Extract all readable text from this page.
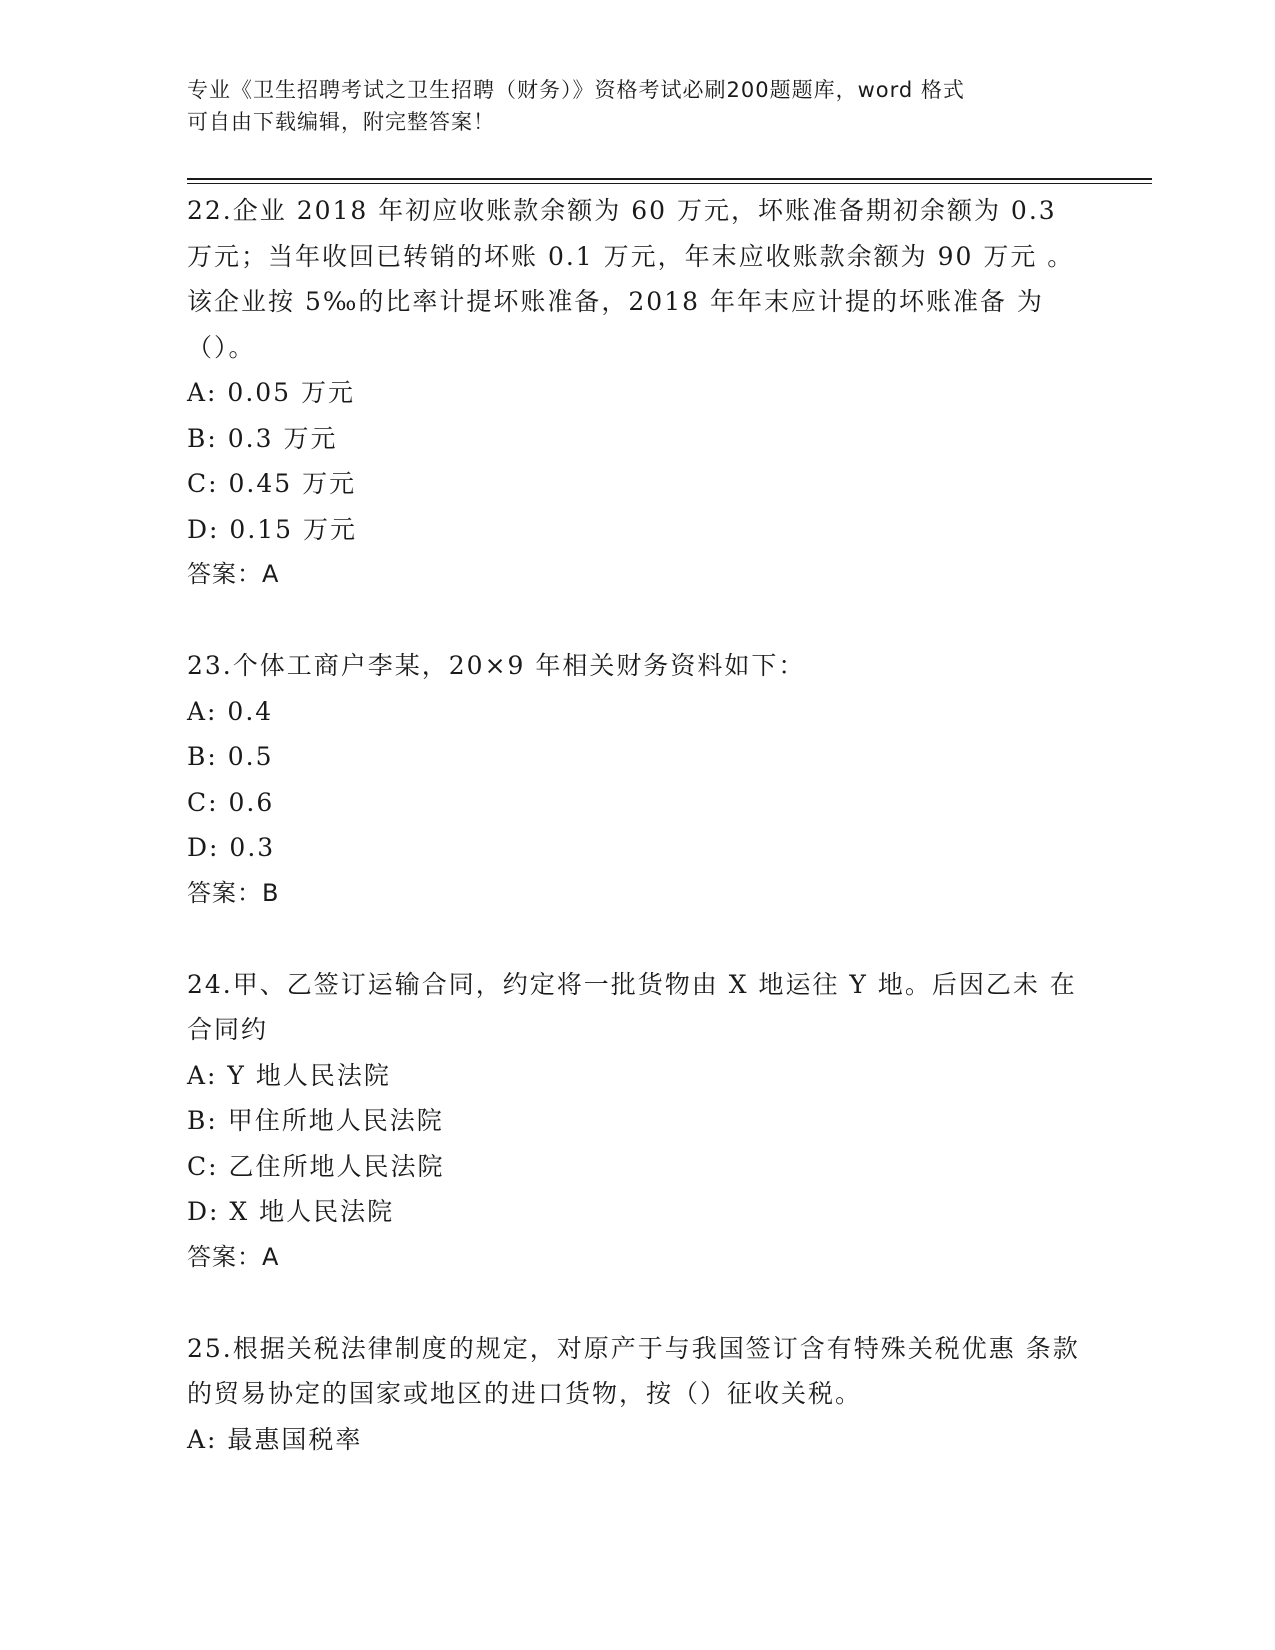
专业《卫生招聘考试之卫生招聘（财务）》资格考试必刷200题题库，word 格式
可自由下载编辑，附完整答案！

22.企业 2018 年初应收账款余额为 60 万元，坏账准备期初余额为 0.3 万元；当年收回已转销的坏账 0.1 万元，年末应收账款余额为 90 万元 。该企业按 5‰的比率计提坏账准备，2018 年年末应计提的坏账准备 为（）。

A: 0.05 万元

B: 0.3 万元

C: 0.45 万元

D: 0.15 万元

答案：A

23.个体工商户李某，20×9 年相关财务资料如下：

A: 0.4

B: 0.5

C: 0.6

D: 0.3

答案：B

24.甲、乙签订运输合同，约定将一批货物由 X 地运往 Y 地。后因乙未 在合同约

A: Y 地人民法院

B: 甲住所地人民法院

C: 乙住所地人民法院

D: X 地人民法院

答案：A

25.根据关税法律制度的规定，对原产于与我国签订含有特殊关税优惠 条款的贸易协定的国家或地区的进口货物，按（）征收关税。

A: 最惠国税率
